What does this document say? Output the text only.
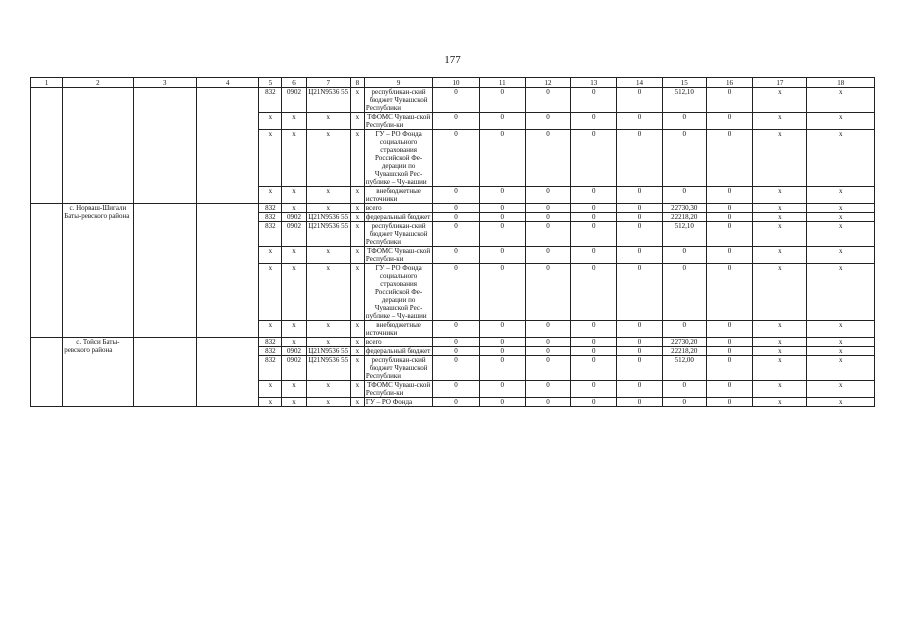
177
1	2	3	4	5	6	7	8	9	10	11	12	13	14	15	16	17	18
				832	0902	Ц21N9536 55	х	республикан-ский бюджет Чувашской Республики	0	0	0	0	0	512,10	0	х	х
				х	х	х	х	ТФОМС Чуваш-ской Республи-ки	0	0	0	0	0	0	0	х	х
				х	х	х	х	ГУ – РО Фонда социального страхования Российской Фе-дерации по Чувашской Рес-публике – Чу-вашии	0	0	0	0	0	0	0	х	х
				х	х	х	х	внебюджетные источники	0	0	0	0	0	0	0	х	х
	с. Норваш-Шигали Баты-ревского района			832	х	х	х	всего	0	0	0	0	0	22730,30	0	х	х
				832	0902	Ц21N9536 55	х	федеральный бюджет	0	0	0	0	0	22218,20	0	х	х
				832	0902	Ц21N9536 55	х	республикан-ский бюджет Чувашской Республики	0	0	0	0	0	512,10	0	х	х
				х	х	х	х	ТФОМС Чуваш-ской Республи-ки	0	0	0	0	0	0	0	х	х
				х	х	х	х	ГУ – РО Фонда социального страхования Российской Фе-дерации по Чувашской Рес-публике – Чу-вашии	0	0	0	0	0	0	0	х	х
				х	х	х	х	внебюджетные источники	0	0	0	0	0	0	0	х	х
	с. Тойси Баты-ревского района			832	х	х	х	всего	0	0	0	0	0	22730,20	0	х	х
				832	0902	Ц21N9536 55	х	федеральный бюджет	0	0	0	0	0	22218,20	0	х	х
				832	0902	Ц21N9536 55	х	республикан-ский бюджет Чувашской Республики	0	0	0	0	0	512,00	0	х	х
				х	х	х	х	ТФОМС Чуваш-ской Республи-ки	0	0	0	0	0	0	0	х	х
				х	х	х	х	ГУ – РО Фонда	0	0	0	0	0	0	0	х	х
